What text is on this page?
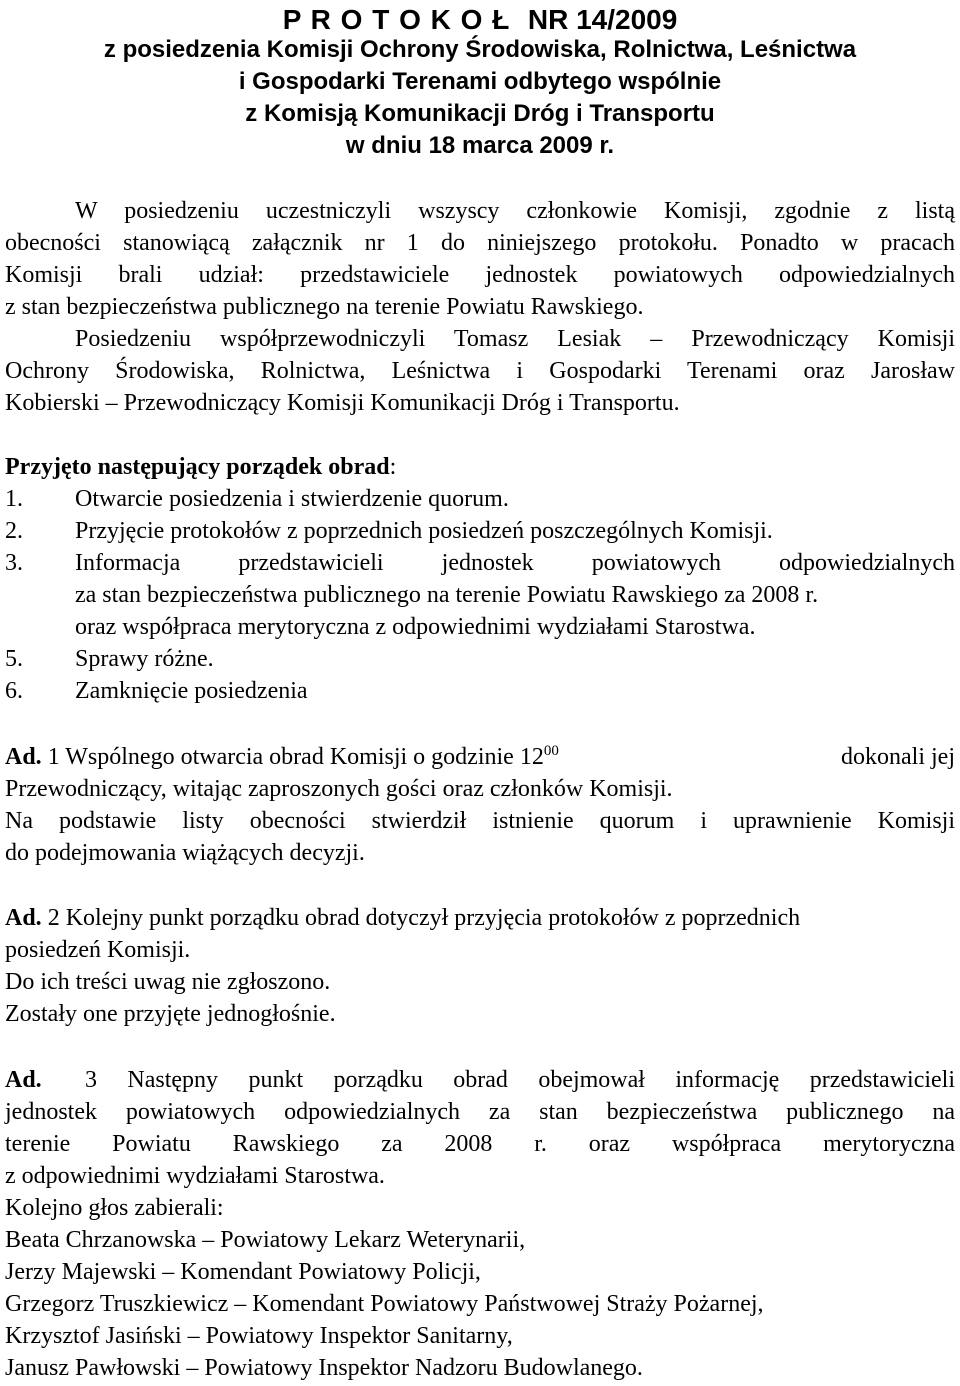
P R O T O K O Ł NR 14/2009
z posiedzenia Komisji Ochrony Środowiska, Rolnictwa, Leśnictwa
i Gospodarki Terenami odbytego wspólnie
z Komisją Komunikacji Dróg i Transportu
w dniu 18 marca 2009 r.
W posiedzeniu uczestniczyli wszyscy członkowie Komisji, zgodnie z listą
obecności stanowiącą załącznik nr 1 do niniejszego protokołu. Ponadto w pracach
Komisji brali udział: przedstawiciele jednostek powiatowych odpowiedzialnych
z stan bezpieczeństwa publicznego na terenie Powiatu Rawskiego.
Posiedzeniu współprzewodniczyli Tomasz Lesiak – Przewodniczący Komisji
Ochrony Środowiska, Rolnictwa, Leśnictwa i Gospodarki Terenami oraz Jarosław
Kobierski – Przewodniczący Komisji Komunikacji Dróg i Transportu.
Przyjęto następujący porządek obrad:
1. Otwarcie posiedzenia i stwierdzenie quorum.
2. Przyjęcie protokołów z poprzednich posiedzeń poszczególnych Komisji.
3.	Informacja przedstawicieli jednostek powiatowych odpowiedzialnych
za stan bezpieczeństwa publicznego na terenie Powiatu Rawskiego za 2008 r.
oraz współpraca merytoryczna z odpowiednimi wydziałami Starostwa.
5. Sprawy różne.
6. Zamknięcie posiedzenia
Ad. 1 Wspólnego otwarcia obrad Komisji o godzinie $12^{00}$	dokonali jej
Przewodniczący, witając zaproszonych gości oraz członków Komisji.
Na podstawie listy obecności stwierdził istnienie quorum i uprawnienie Komisji
do podejmowania wiążących decyzji.
Ad. 2 Kolejny punkt porządku obrad dotyczył przyjęcia protokołów z poprzednich
posiedzeń Komisji.
Do ich treści uwag nie zgłoszono.
Zostały one przyjęte jednogłośnie.
Ad. 3 Następny punkt porządku obrad obejmował informację przedstawicieli
jednostek powiatowych odpowiedzialnych za stan bezpieczeństwa publicznego na
terenie Powiatu Rawskiego za 2008 r. oraz współpraca merytoryczna
z odpowiednimi wydziałami Starostwa.
Kolejno głos zabierali:
Beata Chrzanowska – Powiatowy Lekarz Weterynarii,
Jerzy Majewski – Komendant Powiatowy Policji,
Grzegorz Truszkiewicz – Komendant Powiatowy Państwowej Straży Pożarnej,
Krzysztof Jasiński – Powiatowy Inspektor Sanitarny,
Janusz Pawłowski – Powiatowy Inspektor Nadzoru Budowlanego.
